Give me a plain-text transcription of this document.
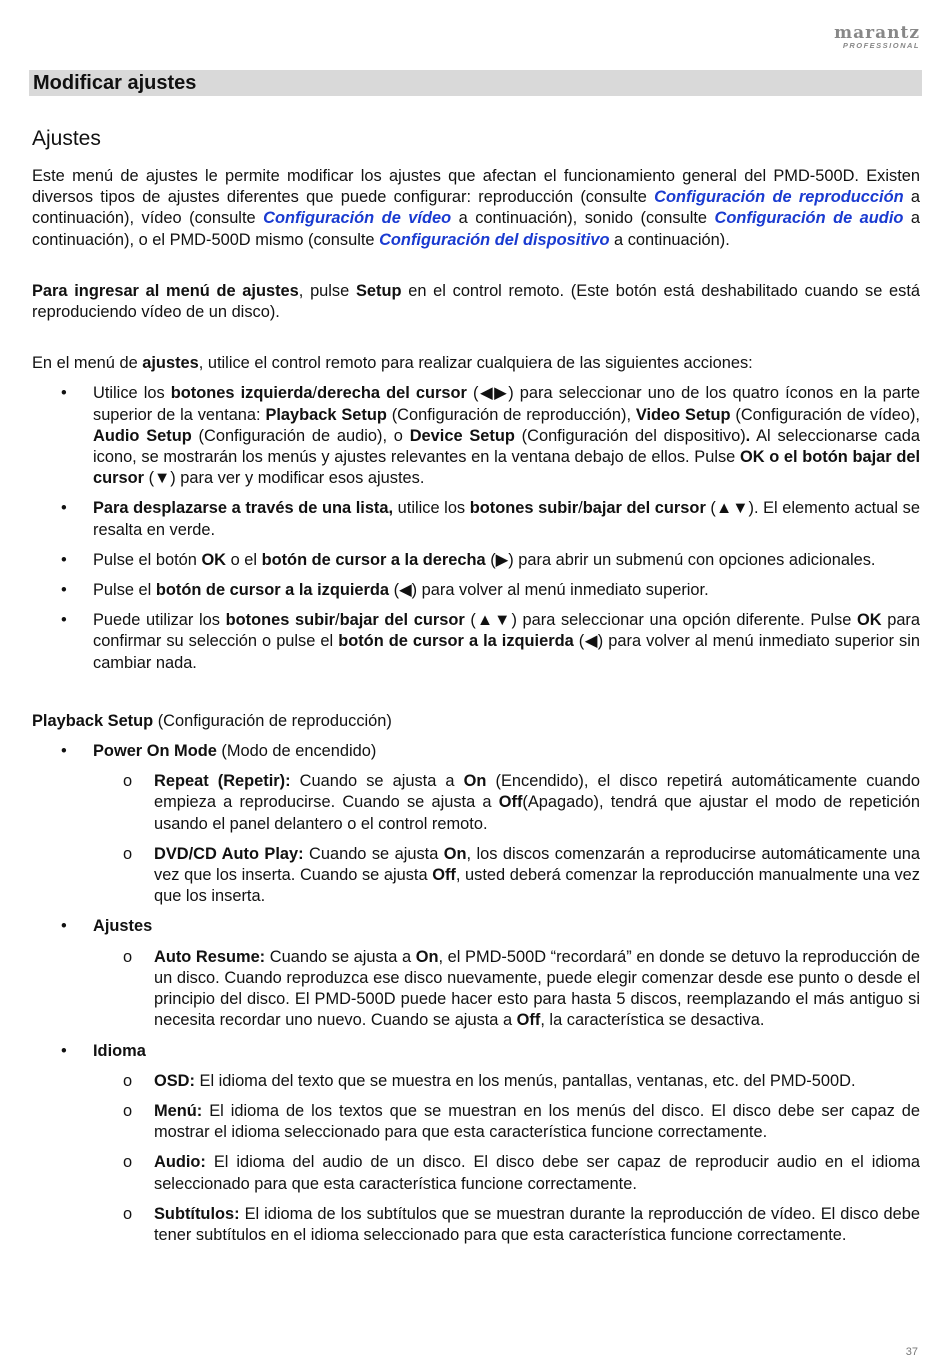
marantz
PROFESSIONAL
Modificar ajustes
Ajustes

Este menú de ajustes le permite modificar los ajustes que afectan el funcionamiento general del PMD-500D. Existen diversos tipos de ajustes diferentes que puede configurar: reproducción (consulte Configuración de reproducción a continuación), vídeo (consulte Configuración de vídeo a continuación), sonido (consulte Configuración de audio a continuación), o el PMD-500D mismo (consulte Configuración del dispositivo a continuación).

Para ingresar al menú de ajustes, pulse Setup en el control remoto. (Este botón está deshabilitado cuando se está reproduciendo vídeo de un disco).

En el menú de ajustes, utilice el control remoto para realizar cualquiera de las siguientes acciones:

• Utilice los botones izquierda/derecha del cursor (◀▶) para seleccionar uno de los quatro íconos en la parte superior de la ventana: Playback Setup (Configuración de reproducción), Video Setup (Configuración de vídeo), Audio Setup (Configuración de audio), o Device Setup (Configuración del dispositivo). Al seleccionarse cada icono, se mostrarán los menús y ajustes relevantes en la ventana debajo de ellos. Pulse OK o el botón bajar del cursor (▼) para ver y modificar esos ajustes.
• Para desplazarse a través de una lista, utilice los botones subir/bajar del cursor (▲▼). El elemento actual se resalta en verde.
• Pulse el botón OK o el botón de cursor a la derecha (▶) para abrir un submenú con opciones adicionales.
• Pulse el botón de cursor a la izquierda (◀) para volver al menú inmediato superior.
• Puede utilizar los botones subir/bajar del cursor (▲▼) para seleccionar una opción diferente. Pulse OK para confirmar su selección o pulse el botón de cursor a la izquierda (◀) para volver al menú inmediato superior sin cambiar nada.

Playback Setup (Configuración de reproducción)

• Power On Mode (Modo de encendido)
o Repeat (Repetir): Cuando se ajusta a On (Encendido), el disco repetirá automáticamente cuando empieza a reproducirse. Cuando se ajusta a Off(Apagado), tendrá que ajustar el modo de repetición usando el panel delantero o el control remoto.
o DVD/CD Auto Play: Cuando se ajusta On, los discos comenzarán a reproducirse automáticamente una vez que los inserta. Cuando se ajusta Off, usted deberá comenzar la reproducción manualmente una vez que los inserta.
• Ajustes
o Auto Resume: Cuando se ajusta a On, el PMD-500D “recordará” en donde se detuvo la reproducción de un disco. Cuando reproduzca ese disco nuevamente, puede elegir comenzar desde ese punto o desde el principio del disco. El PMD-500D puede hacer esto para hasta 5 discos, reemplazando el más antiguo si necesita recordar uno nuevo. Cuando se ajusta a Off, la característica se desactiva.
• Idioma
o OSD: El idioma del texto que se muestra en los menús, pantallas, ventanas, etc. del PMD-500D.
o Menú: El idioma de los textos que se muestran en los menús del disco. El disco debe ser capaz de mostrar el idioma seleccionado para que esta característica funcione correctamente.
o Audio: El idioma del audio de un disco. El disco debe ser capaz de reproducir audio en el idioma seleccionado para que esta característica funcione correctamente.
o Subtítulos: El idioma de los subtítulos que se muestran durante la reproducción de vídeo. El disco debe tener subtítulos en el idioma seleccionado para que esta característica funcione correctamente.
37
